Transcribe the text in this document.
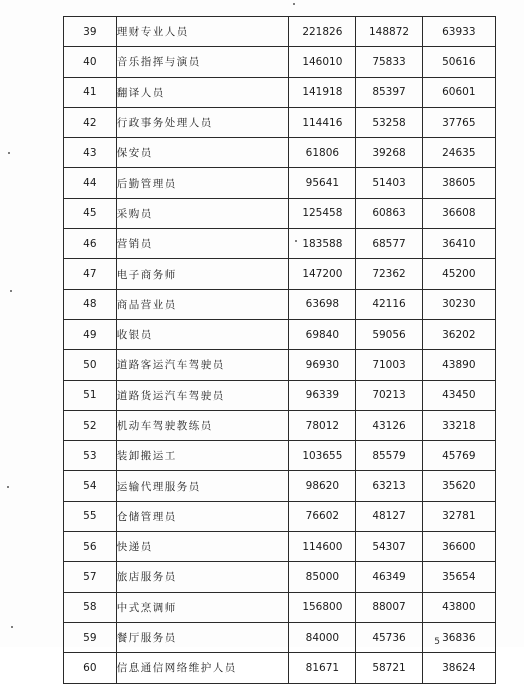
39	理财专业人员	221826	148872	63933
40	音乐指挥与演员	146010	75833	50616
41	翻译人员	141918	85397	60601
42	行政事务处理人员	114416	53258	37765
43	保安员	61806	39268	24635
44	后勤管理员	95641	51403	38605
45	采购员	125458	60863	36608
46	营销员	183588	68577	36410
47	电子商务师	147200	72362	45200
48	商品营业员	63698	42116	30230
49	收银员	69840	59056	36202
50	道路客运汽车驾驶员	96930	71003	43890
51	道路货运汽车驾驶员	96339	70213	43450
52	机动车驾驶教练员	78012	43126	33218
53	装卸搬运工	103655	85579	45769
54	运输代理服务员	98620	63213	35620
55	仓储管理员	76602	48127	32781
56	快递员	114600	54307	36600
57	旅店服务员	85000	46349	35654
58	中式烹调师	156800	88007	43800
59	餐厅服务员	84000	45736	36836
60	信息通信网络维护人员	81671	58721	38624
5
